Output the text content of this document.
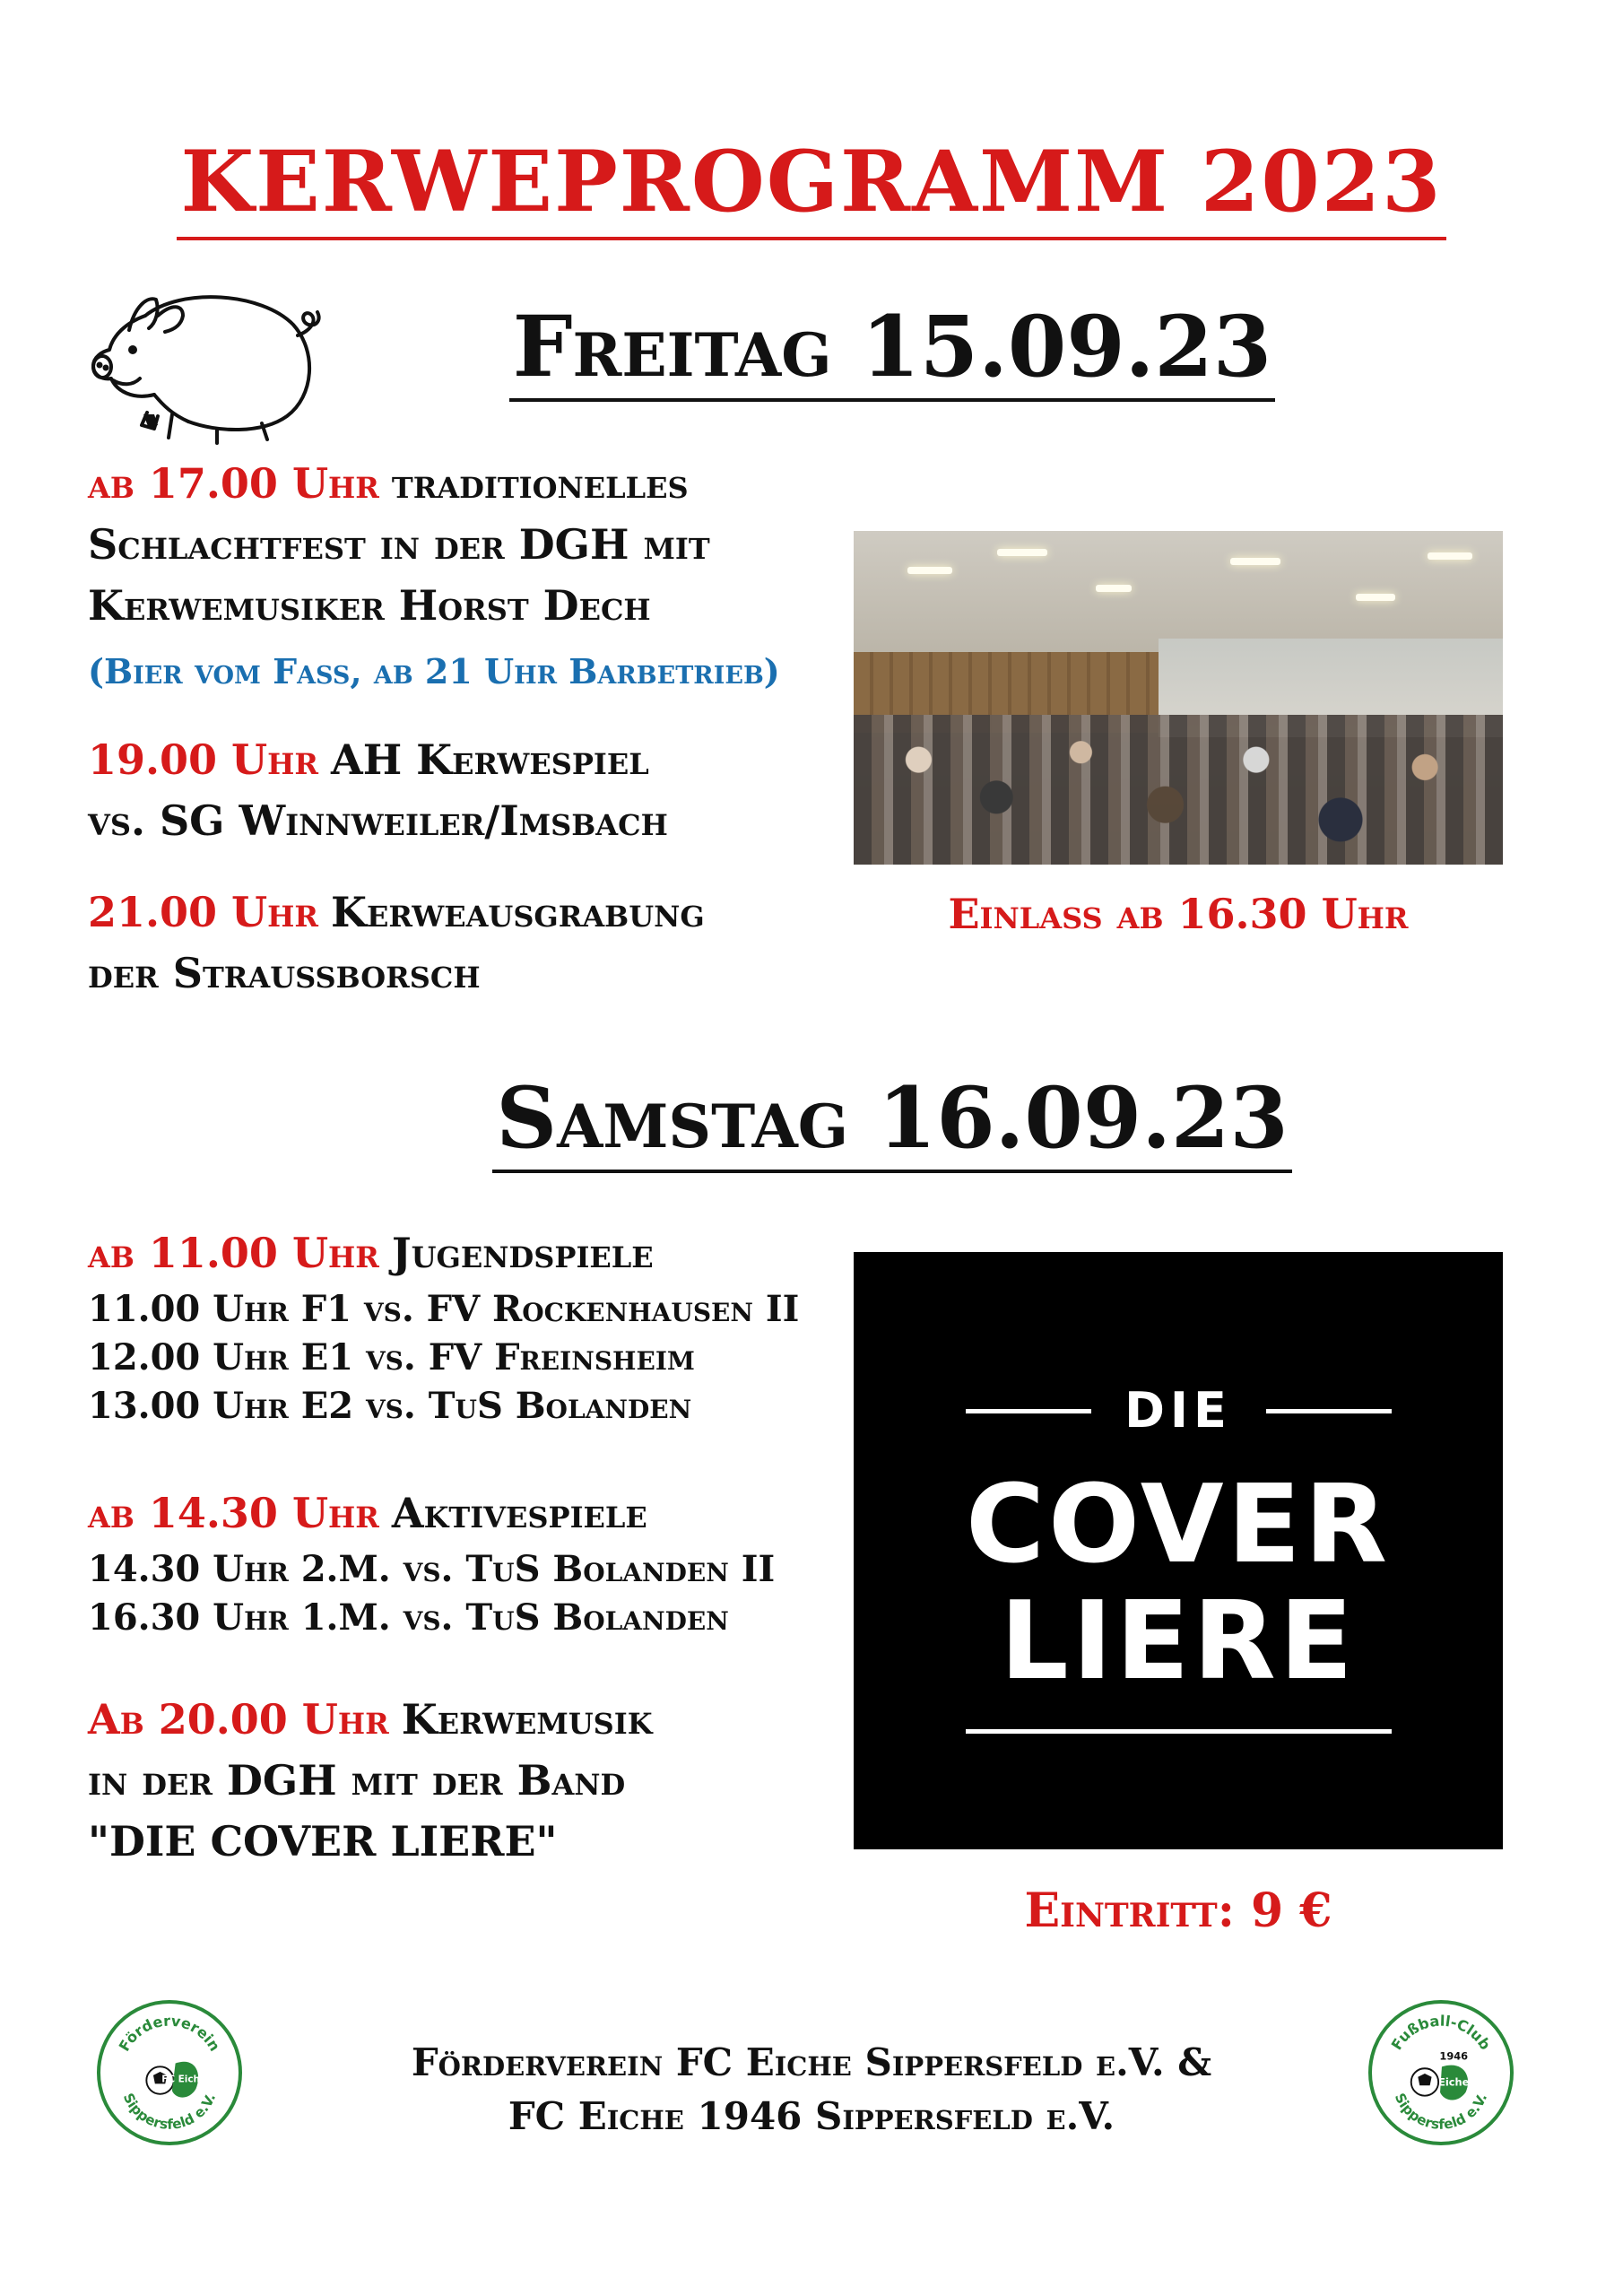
KERWEPROGRAMM 2023
Freitag 15.09.23
ab 17.00 Uhr traditionelles
Schlachtfest in der DGH mit
Kerwemusiker Horst Dech
(Bier vom Fass, ab 21 Uhr Barbetrieb)
19.00 Uhr AH Kerwespiel
vs. SG Winnweiler/Imsbach
21.00 Uhr Kerweausgrabung
der Straußborsch
Einlass ab 16.30 Uhr
Samstag 16.09.23
ab 11.00 Uhr Jugendspiele
11.00 Uhr F1 vs. FV Rockenhausen II
12.00 Uhr E1 vs. FV Freinsheim
13.00 Uhr E2 vs. TuS Bolanden
ab 14.30 Uhr Aktivespiele
14.30 Uhr 2.M. vs. TuS Bolanden II
16.30 Uhr 1.M. vs. TuS Bolanden
Ab 20.00 Uhr Kerwemusik
in der DGH mit der Band
"DIE COVER LIERE"
DIE
COVER
LIERE
Eintritt: 9 €
Förderverein
Sippersfeld e.V.
FC Eiche
Fußball-Club
Sippersfeld e.V.
1946
Eiche
Förderverein FC Eiche Sippersfeld e.V. &
FC Eiche 1946 Sippersfeld e.V.
